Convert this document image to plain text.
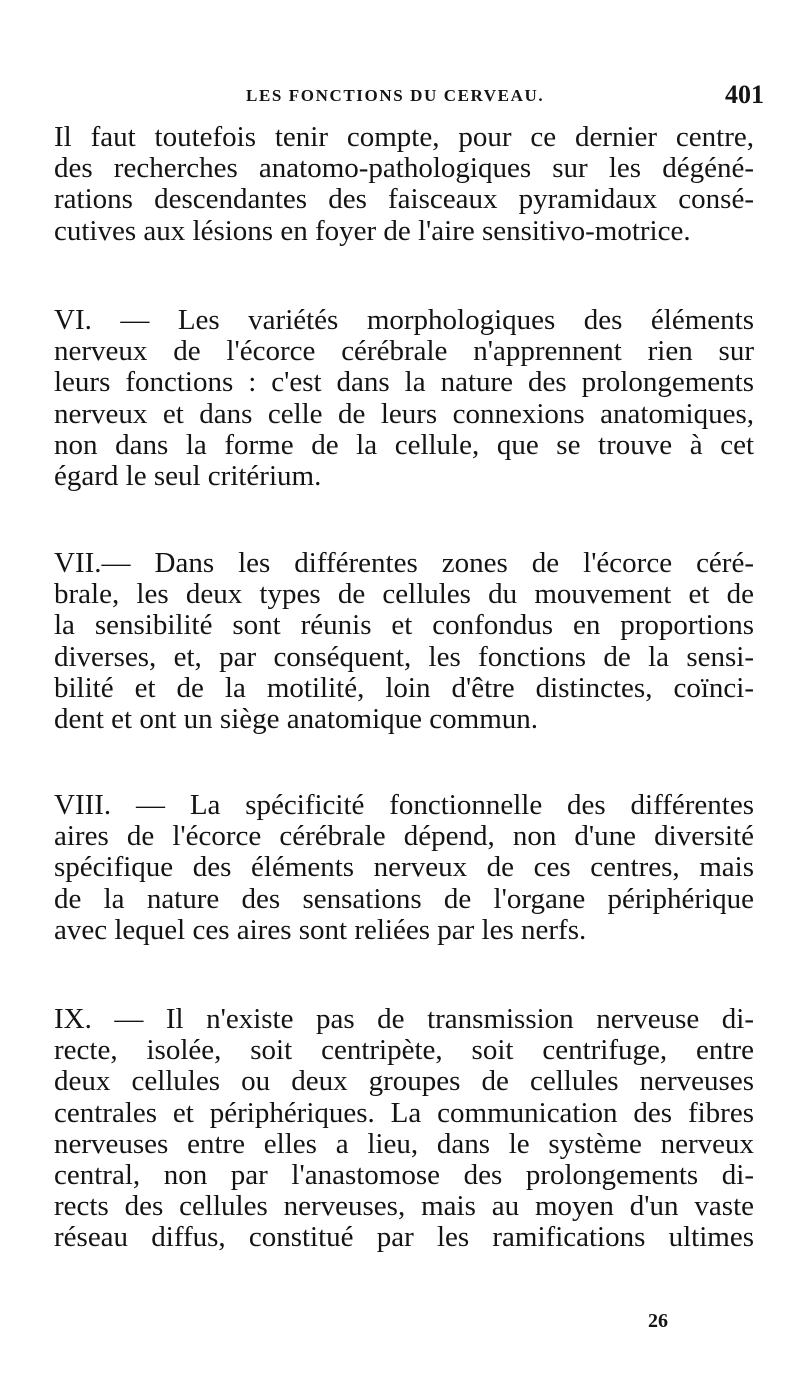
LES FONCTIONS DU CERVEAU.	401

Il faut toutefois tenir compte, pour ce dernier centre,
des recherches anatomo-pathologiques sur les dégéné-
rations descendantes des faisceaux pyramidaux consé-
cutives aux lésions en foyer de l'aire sensitivo-motrice.

VI. — Les variétés morphologiques des éléments
nerveux de l'écorce cérébrale n'apprennent rien sur
leurs fonctions : c'est dans la nature des prolongements
nerveux et dans celle de leurs connexions anatomiques,
non dans la forme de la cellule, que se trouve à cet
égard le seul critérium.

VII.— Dans les différentes zones de l'écorce céré-
brale, les deux types de cellules du mouvement et de
la sensibilité sont réunis et confondus en proportions
diverses, et, par conséquent, les fonctions de la sensi-
bilité et de la motilité, loin d'être distinctes, coïnci-
dent et ont un siège anatomique commun.

VIII. — La spécificité fonctionnelle des différentes
aires de l'écorce cérébrale dépend, non d'une diversité
spécifique des éléments nerveux de ces centres, mais
de la nature des sensations de l'organe périphérique
avec lequel ces aires sont reliées par les nerfs.

IX. — Il n'existe pas de transmission nerveuse di-
recte, isolée, soit centripète, soit centrifuge, entre
deux cellules ou deux groupes de cellules nerveuses
centrales et périphériques. La communication des fibres
nerveuses entre elles a lieu, dans le système nerveux
central, non par l'anastomose des prolongements di-
rects des cellules nerveuses, mais au moyen d'un vaste
réseau diffus, constitué par les ramifications ultimes

26
